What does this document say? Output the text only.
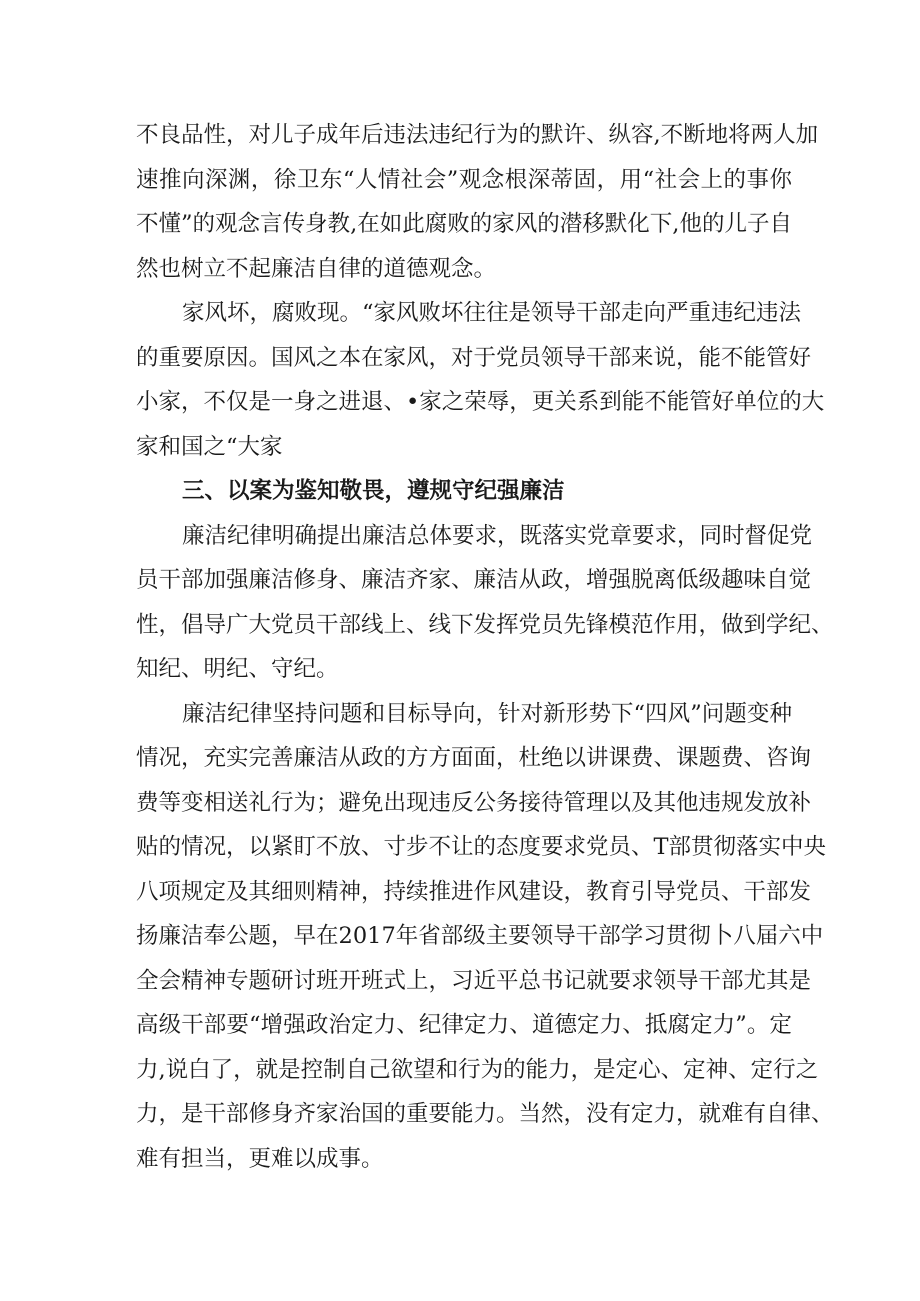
不良品性，对儿子成年后违法违纪行为的默许、纵容,不断地将两人加
速推向深渊，徐卫东“人情社会”观念根深蒂固，用“社会上的事你
不懂”的观念言传身教,在如此腐败的家风的潜移默化下,他的儿子自
然也树立不起廉洁自律的道德观念。
家风坏，腐败现。“家风败坏往往是领导干部走向严重违纪违法
的重要原因。国风之本在家风，对于党员领导干部来说，能不能管好
小家，不仅是一身之进退、•家之荣辱，更关系到能不能管好单位的大
家和国之“大家
三、以案为鉴知敬畏，遵规守纪强廉洁
廉洁纪律明确提出廉洁总体要求，既落实党章要求，同时督促党
员干部加强廉洁修身、廉洁齐家、廉洁从政，增强脱离低级趣味自觉
性，倡导广大党员干部线上、线下发挥党员先锋模范作用，做到学纪、
知纪、明纪、守纪。
廉洁纪律坚持问题和目标导向，针对新形势下“四风”问题变种
情况，充实完善廉洁从政的方方面面，杜绝以讲课费、课题费、咨询
费等变相送礼行为；避免出现违反公务接待管理以及其他违规发放补
贴的情况，以紧盯不放、寸步不让的态度要求党员、T部贯彻落实中央
八项规定及其细则精神，持续推进作风建设，教育引导党员、干部发
扬廉洁奉公题，早在2017年省部级主要领导干部学习贯彻卜八届六中
全会精神专题研讨班开班式上，习近平总书记就要求领导干部尤其是
高级干部要“增强政治定力、纪律定力、道德定力、抵腐定力”。定
力,说白了，就是控制自己欲望和行为的能力，是定心、定神、定行之
力，是干部修身齐家治国的重要能力。当然，没有定力，就难有自律、
难有担当，更难以成事。
